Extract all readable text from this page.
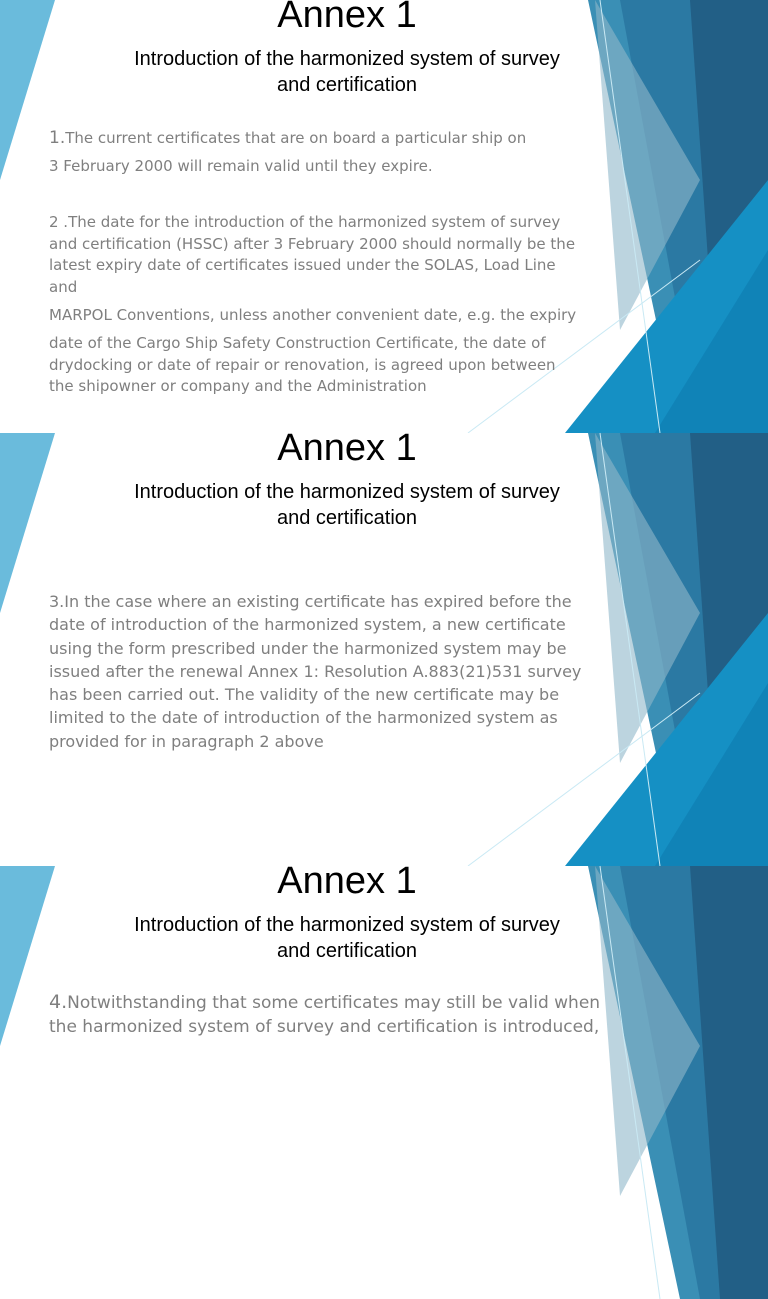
Annex 1
Introduction of the harmonized system of survey
and certification
1.The current certificates that are on board a particular ship on
3 February 2000 will remain valid until they expire.
2 .The date for the introduction of the harmonized system of survey
and certification (HSSC) after 3 February 2000 should normally be the
latest expiry date of certificates issued under the SOLAS, Load Line
and
MARPOL Conventions, unless another convenient date, e.g. the expiry
date of the Cargo Ship Safety Construction Certificate, the date of
drydocking or date of repair or renovation, is agreed upon between
the shipowner or company and the Administration
Annex 1
Introduction of the harmonized system of survey
and certification
3.In the case where an existing certificate has expired before the
date of introduction of the harmonized system, a new certificate
using the form prescribed under the harmonized system may be
issued after the renewal Annex 1: Resolution A.883(21)531 survey
has been carried out. The validity of the new certificate may be
limited to the date of introduction of the harmonized system as
provided for in paragraph 2 above
Annex 1
Introduction of the harmonized system of survey
and certification
4.Notwithstanding that some certificates may still be valid when
the harmonized system of survey and certification is introduced,
